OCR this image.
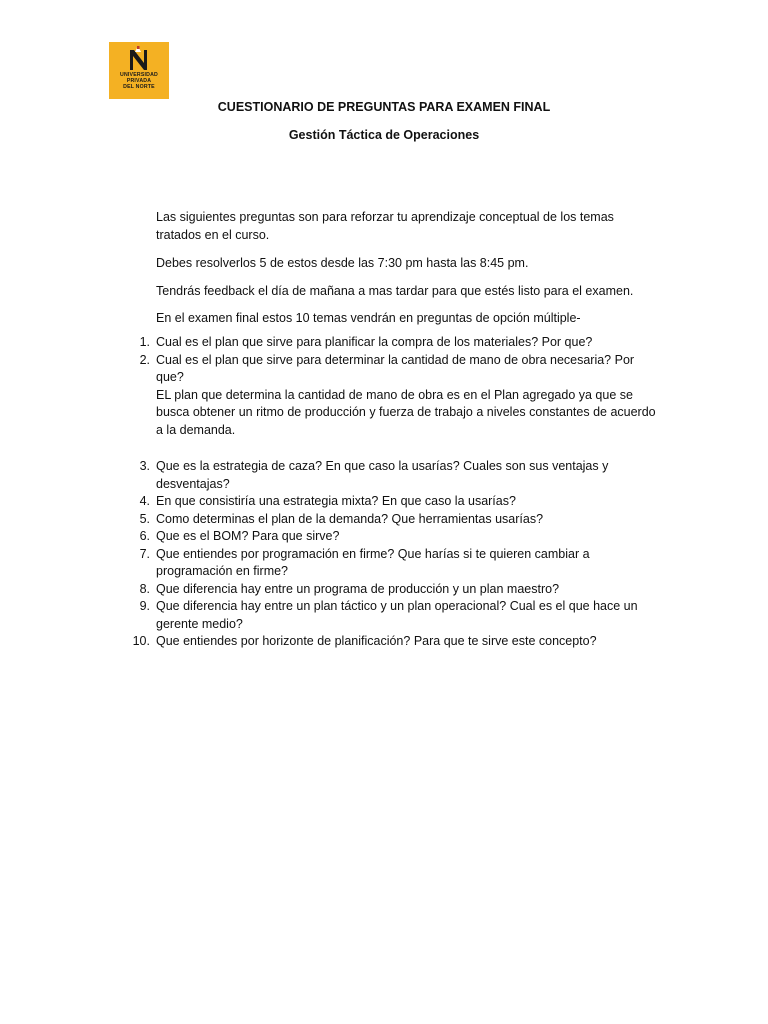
UNIVERSIDAD
PRIVADA
DEL NORTE
CUESTIONARIO DE PREGUNTAS PARA EXAMEN FINAL
Gestión Táctica de Operaciones
Las siguientes preguntas son para reforzar tu aprendizaje conceptual de los temas tratados en el curso.
Debes resolverlos 5 de estos desde las 7:30 pm hasta las 8:45 pm.
Tendrás feedback el día de mañana a mas tardar para que estés listo para el examen.
En el examen final estos 10 temas vendrán en preguntas de opción múltiple-
1. Cual es el plan que sirve para planificar la compra de los materiales? Por que?
2. Cual es el plan que sirve para determinar la cantidad de mano de obra necesaria? Por que?
EL plan que determina la cantidad de mano de obra es en el Plan agregado ya que se busca obtener un ritmo de producción y fuerza de trabajo a niveles constantes de acuerdo a la demanda.
3. Que es la estrategia de caza? En que caso la usarías? Cuales son sus ventajas y desventajas?
4. En que consistiría una estrategia mixta? En que caso la usarías?
5. Como determinas el plan de la demanda? Que herramientas usarías?
6. Que es el BOM? Para que sirve?
7. Que entiendes por programación en firme? Que harías si te quieren cambiar a programación en firme?
8. Que diferencia hay entre un programa de producción y un plan maestro?
9. Que diferencia hay entre un plan táctico y un plan operacional? Cual es el que hace un gerente medio?
10. Que entiendes por horizonte de planificación? Para que te sirve este concepto?
